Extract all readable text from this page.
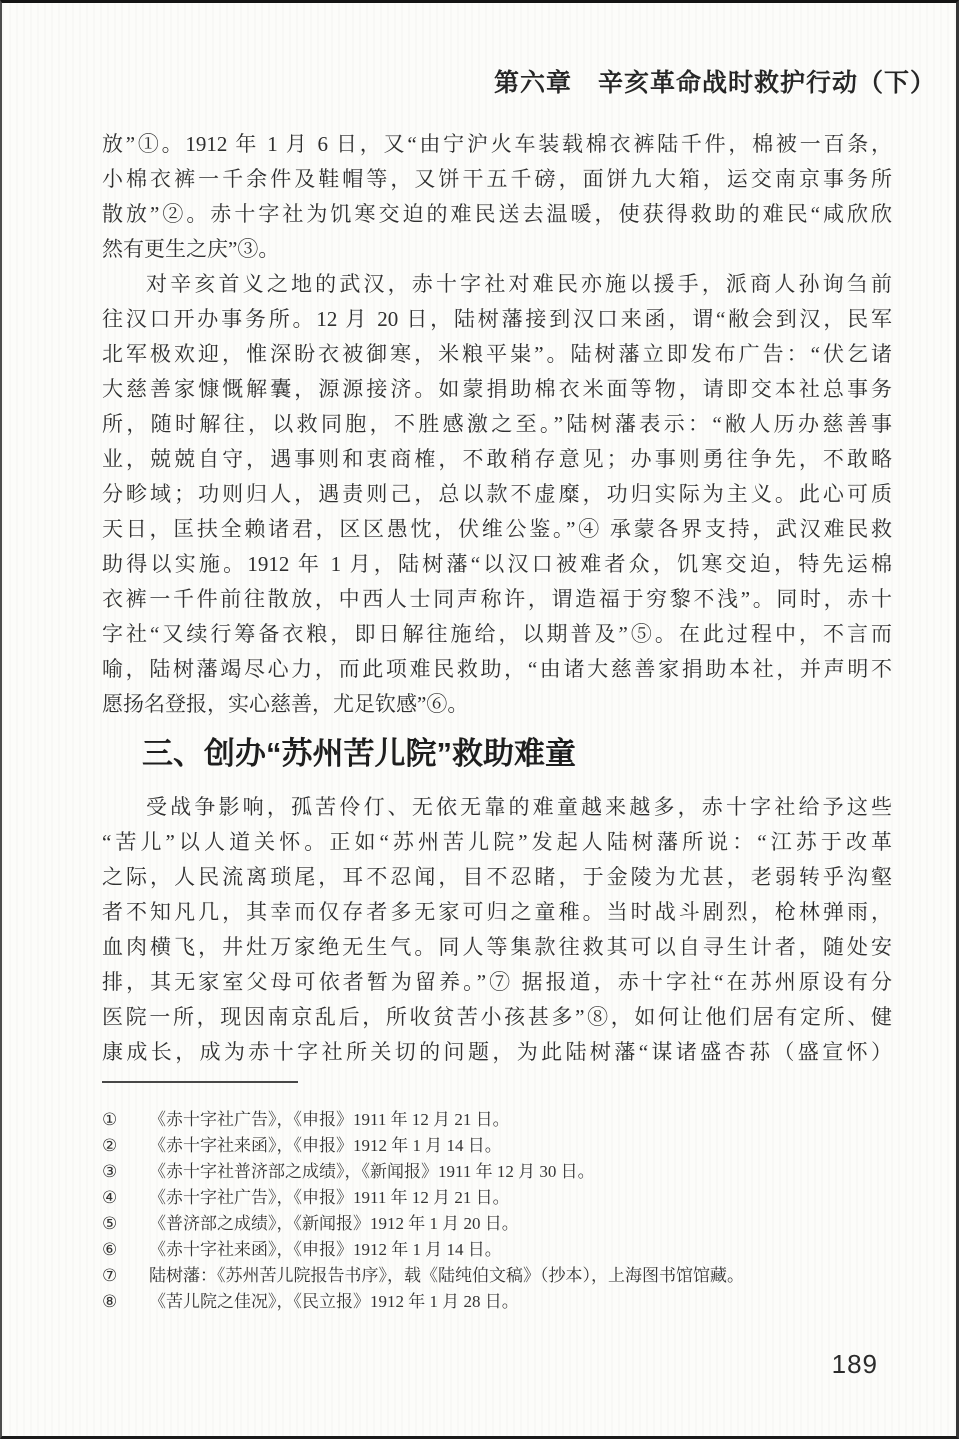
第六章　辛亥革命战时救护行动（下）
放”①。1912 年 1 月 6 日，又“由宁沪火车装载棉衣裤陆千件，棉被一百条，
小棉衣裤一千余件及鞋帽等，又饼干五千磅，面饼九大箱，运交南京事务所
散放”②。赤十字社为饥寒交迫的难民送去温暖，使获得救助的难民“咸欣欣
然有更生之庆”③。
对辛亥首义之地的武汉，赤十字社对难民亦施以援手，派商人孙询刍前
往汉口开办事务所。12 月 20 日，陆树藩接到汉口来函，谓“敝会到汉，民军
北军极欢迎，惟深盼衣被御寒，米粮平粜”。陆树藩立即发布广告：“伏乞诸
大慈善家慷慨解囊，源源接济。如蒙捐助棉衣米面等物，请即交本社总事务
所，随时解往，以救同胞，不胜感激之至。”陆树藩表示：“敝人历办慈善事
业，兢兢自守，遇事则和衷商榷，不敢稍存意见；办事则勇往争先，不敢略
分畛域；功则归人，遇责则己，总以款不虚糜，功归实际为主义。此心可质
天日，匡扶全赖诸君，区区愚忱，伏维公鉴。”④ 承蒙各界支持，武汉难民救
助得以实施。1912 年 1 月，陆树藩“以汉口被难者众，饥寒交迫，特先运棉
衣裤一千件前往散放，中西人士同声称许，谓造福于穷黎不浅”。同时，赤十
字社“又续行筹备衣粮，即日解往施给，以期普及”⑤。在此过程中，不言而
喻，陆树藩竭尽心力，而此项难民救助，“由诸大慈善家捐助本社，并声明不
愿扬名登报，实心慈善，尤足钦感”⑥。
三、创办“苏州苦儿院”救助难童
受战争影响，孤苦伶仃、无依无靠的难童越来越多，赤十字社给予这些
“苦儿”以人道关怀。正如“苏州苦儿院”发起人陆树藩所说：“江苏于改革
之际，人民流离琐尾，耳不忍闻，目不忍睹，于金陵为尤甚，老弱转乎沟壑
者不知凡几，其幸而仅存者多无家可归之童稚。当时战斗剧烈，枪林弹雨，
血肉横飞，井灶万家绝无生气。同人等集款往救其可以自寻生计者，随处安
排，其无家室父母可依者暂为留养。”⑦ 据报道，赤十字社“在苏州原设有分
医院一所，现因南京乱后，所收贫苦小孩甚多”⑧，如何让他们居有定所、健
康成长，成为赤十字社所关切的问题，为此陆树藩“谋诸盛杏荪（盛宣怀）
①	《赤十字社广告》，《申报》1911 年 12 月 21 日。
②	《赤十字社来函》，《申报》1912 年 1 月 14 日。
③	《赤十字社普济部之成绩》，《新闻报》1911 年 12 月 30 日。
④	《赤十字社广告》，《申报》1911 年 12 月 21 日。
⑤	《普济部之成绩》，《新闻报》1912 年 1 月 20 日。
⑥	《赤十字社来函》，《申报》1912 年 1 月 14 日。
⑦	陆树藩：《苏州苦儿院报告书序》，载《陆纯伯文稿》（抄本），上海图书馆馆藏。
⑧	《苦儿院之佳况》，《民立报》1912 年 1 月 28 日。
189
